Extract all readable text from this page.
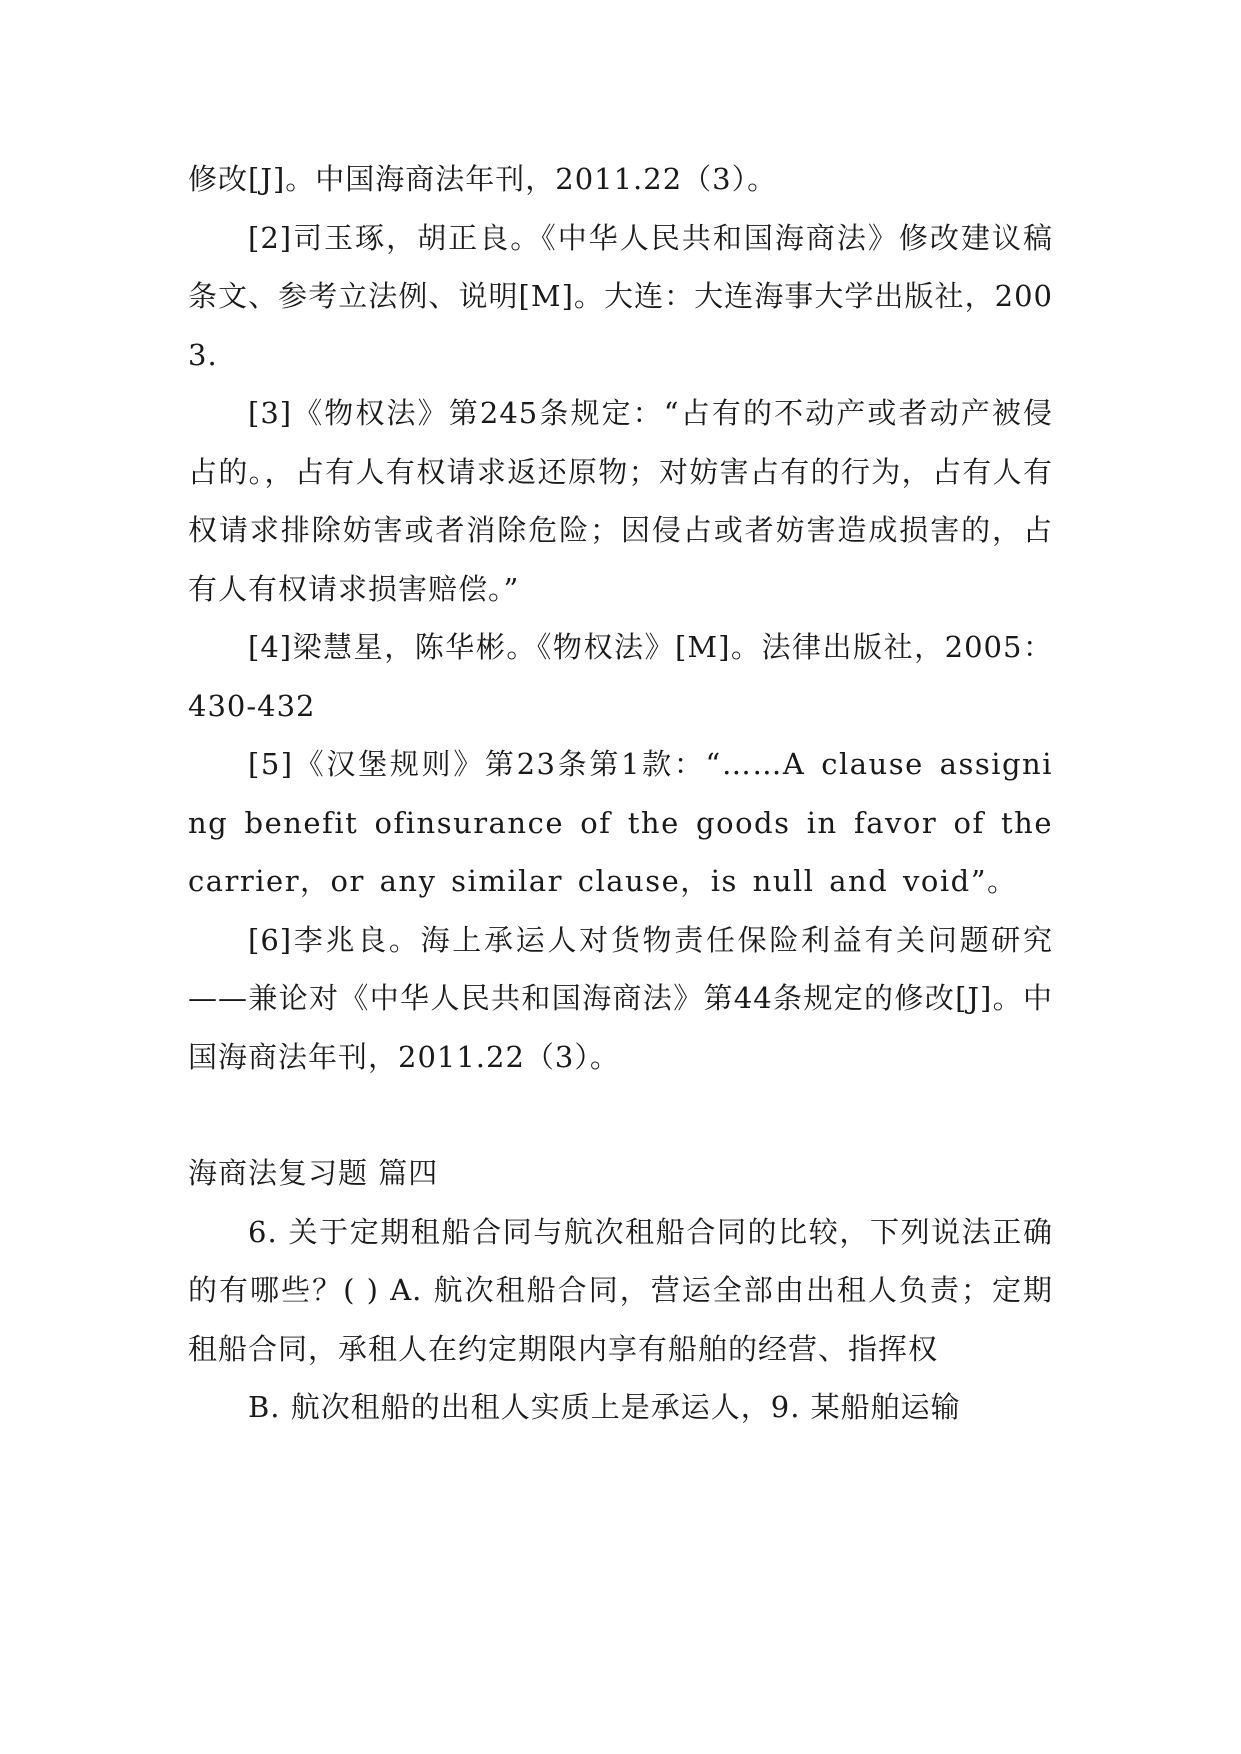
修改[J]。中国海商法年刊，2011.22（3）。

[2]司玉琢，胡正良。《中华人民共和国海商法》修改建议稿条文、参考立法例、说明[M]。大连：大连海事大学出版社，2003.

[3]《物权法》第245条规定：“占有的不动产或者动产被侵占的。，占有人有权请求返还原物；对妨害占有的行为，占有人有权请求排除妨害或者消除危险；因侵占或者妨害造成损害的，占有人有权请求损害赔偿。”

[4]梁慧星，陈华彬。《物权法》[M]。法律出版社，2005：430-432

[5]《汉堡规则》第23条第1款：“……A clause assigning benefit ofinsurance of the goods in favor of the carrier，or any similar clause，is null and void”。

[6]李兆良。海上承运人对货物责任保险利益有关问题研究——兼论对《中华人民共和国海商法》第44条规定的修改[J]。中国海商法年刊，2011.22（3）。

海商法复习题 篇四

6. 关于定期租船合同与航次租船合同的比较，下列说法正确的有哪些？( ) A. 航次租船合同，营运全部由出租人负责；定期租船合同，承租人在约定期限内享有船舶的经营、指挥权

B. 航次租船的出租人实质上是承运人，9. 某船舶运输
